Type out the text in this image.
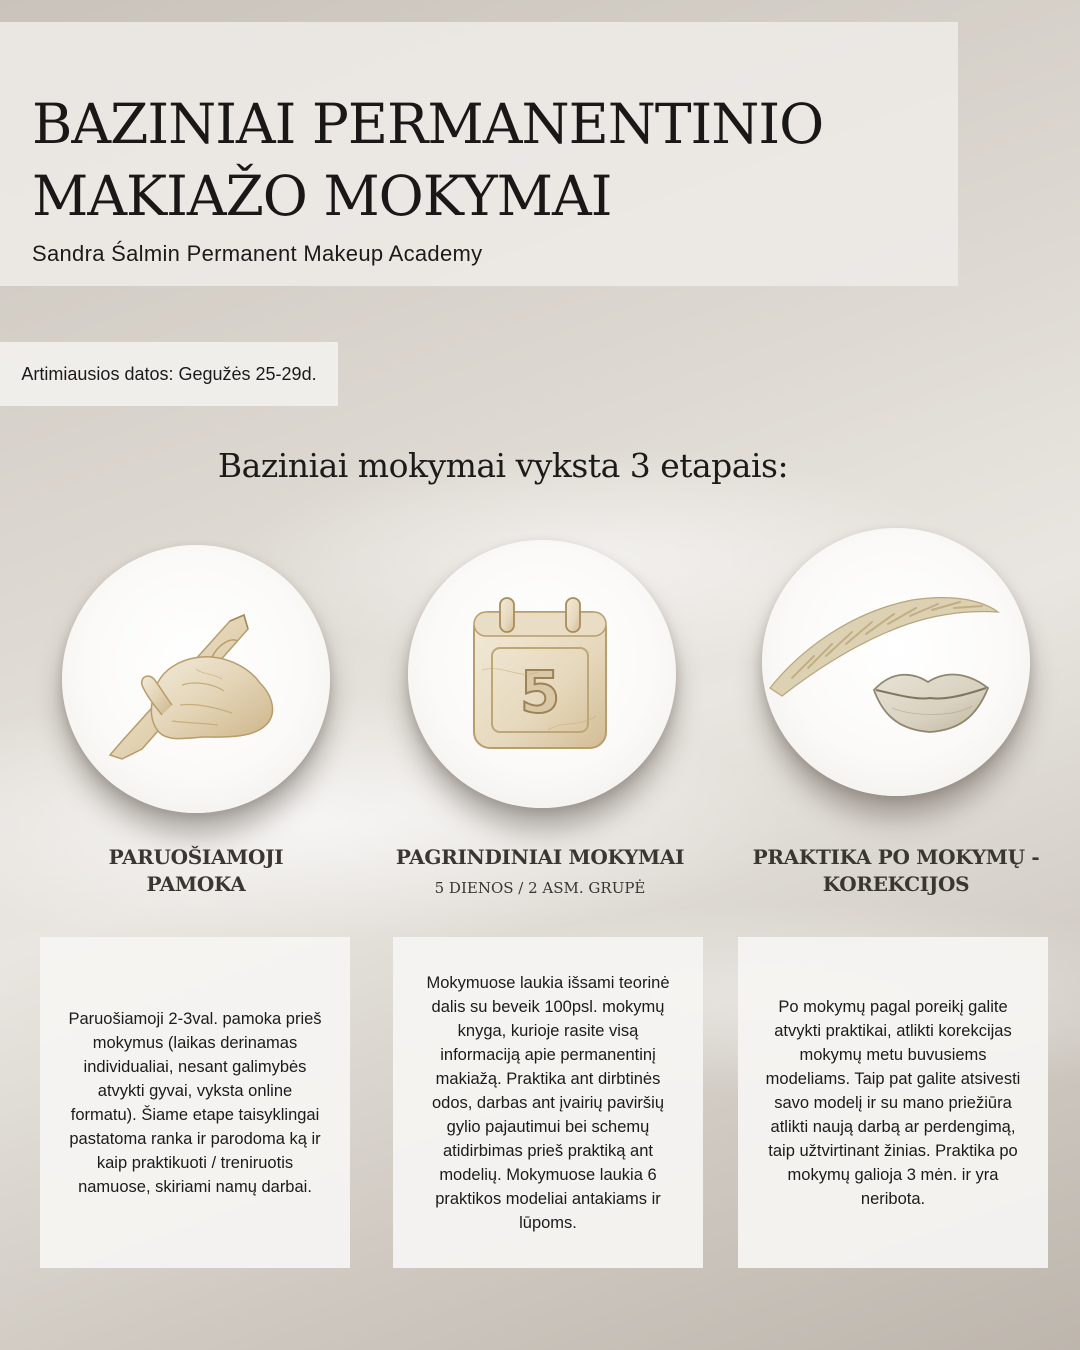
BAZINIAI PERMANENTINIO MAKIAŽO MOKYMAI
Sandra Śalmin Permanent Makeup Academy
Artimiausios datos: Gegužės 25-29d.
Baziniai mokymai vyksta 3 etapais:
5
PARUOŠIAMOJI PAMOKA
PAGRINDINIAI MOKYMAI
5 DIENOS / 2 ASM. GRUPĖ
PRAKTIKA PO MOKYMŲ - KOREKCIJOS

Paruošiamoji 2-3val. pamoka prieš mokymus (laikas derinamas individualiai, nesant galimybės atvykti gyvai, vyksta online formatu). Šiame etape taisyklingai pastatoma ranka ir parodoma ką ir kaip praktikuoti / treniruotis namuose, skiriami namų darbai.

Mokymuose laukia išsami teorinė dalis su beveik 100psl. mokymų knyga, kurioje rasite visą informaciją apie permanentinį makiažą. Praktika ant dirbtinės odos, darbas ant įvairių paviršių gylio pajautimui bei schemų atidirbimas prieš praktiką ant modelių. Mokymuose laukia 6 praktikos modeliai antakiams ir lūpoms.

Po mokymų pagal poreikį galite atvykti praktikai, atlikti korekcijas mokymų metu buvusiems modeliams. Taip pat galite atsivesti savo modelį ir su mano priežiūra atlikti naują darbą ar perdengimą, taip užtvirtinant žinias. Praktika po mokymų galioja 3 mėn. ir yra neribota.
